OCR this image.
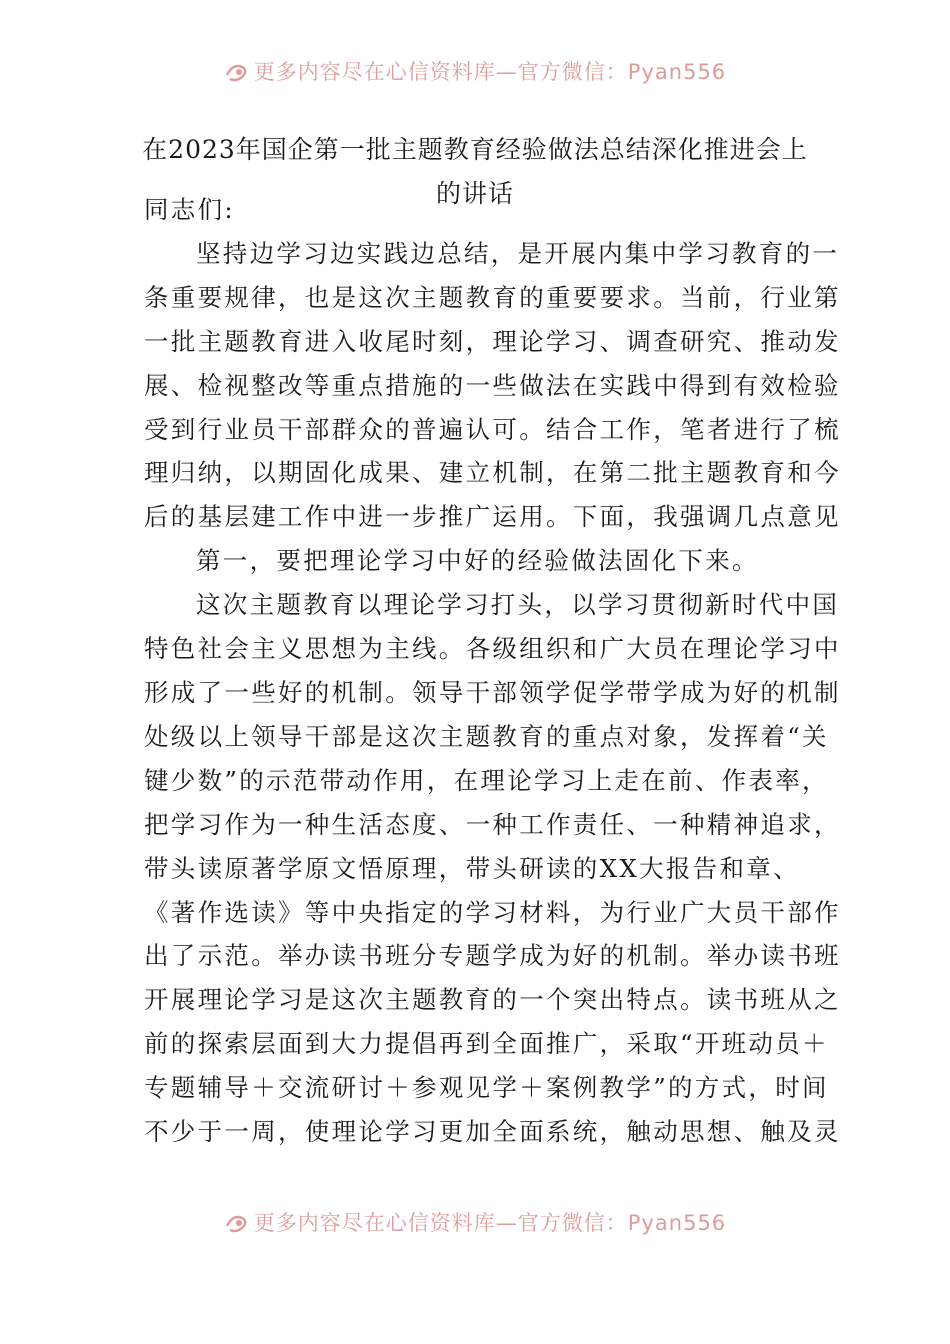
更多内容尽在心信资料库—官方微信：Pyan556
在2023年国企第一批主题教育经验做法总结深化推进会上
的讲话

同志们:

坚持边学习边实践边总结，是开展内集中学习教育的一

条重要规律，也是这次主题教育的重要要求。当前，行业第

一批主题教育进入收尾时刻，理论学习、调查研究、推动发

展、检视整改等重点措施的一些做法在实践中得到有效检验

受到行业员干部群众的普遍认可。结合工作，笔者进行了梳

理归纳，以期固化成果、建立机制，在第二批主题教育和今

后的基层建工作中进一步推广运用。下面，我强调几点意见

第一，要把理论学习中好的经验做法固化下来。

这次主题教育以理论学习打头，以学习贯彻新时代中国

特色社会主义思想为主线。各级组织和广大员在理论学习中

形成了一些好的机制。领导干部领学促学带学成为好的机制

处级以上领导干部是这次主题教育的重点对象，发挥着“关

键少数”的示范带动作用，在理论学习上走在前、作表率，

把学习作为一种生活态度、一种工作责任、一种精神追求，

带头读原著学原文悟原理，带头研读的XX大报告和章、

《著作选读》等中央指定的学习材料，为行业广大员干部作

出了示范。举办读书班分专题学成为好的机制。举办读书班

开展理论学习是这次主题教育的一个突出特点。读书班从之

前的探索层面到大力提倡再到全面推广，采取“开班动员＋

专题辅导＋交流研讨＋参观见学＋案例教学”的方式，时间

不少于一周，使理论学习更加全面系统，触动思想、触及灵

更多内容尽在心信资料库—官方微信：Pyan556
